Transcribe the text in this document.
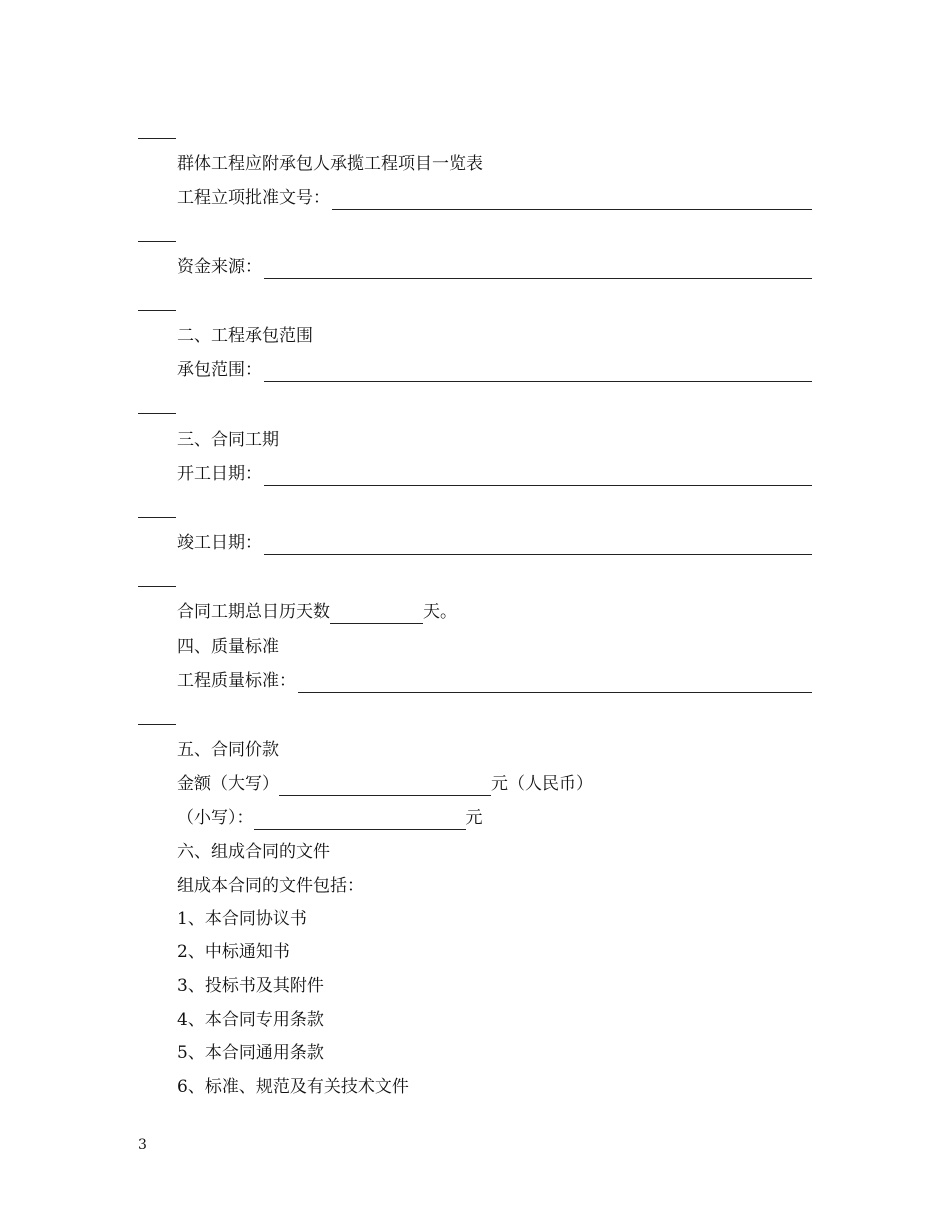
群体工程应附承包人承揽工程项目一览表
工程立项批准文号：
资金来源：
二、工程承包范围
承包范围：
三、合同工期
开工日期：
竣工日期：
合同工期总日历天数	天。
四、质量标准
工程质量标准：
五、合同价款
金额（大写）	元（人民币）
（小写）：	元
六、组成合同的文件
组成本合同的文件包括：
1、本合同协议书
2、中标通知书
3、投标书及其附件
4、本合同专用条款
5、本合同通用条款
6、标准、规范及有关技术文件
3
